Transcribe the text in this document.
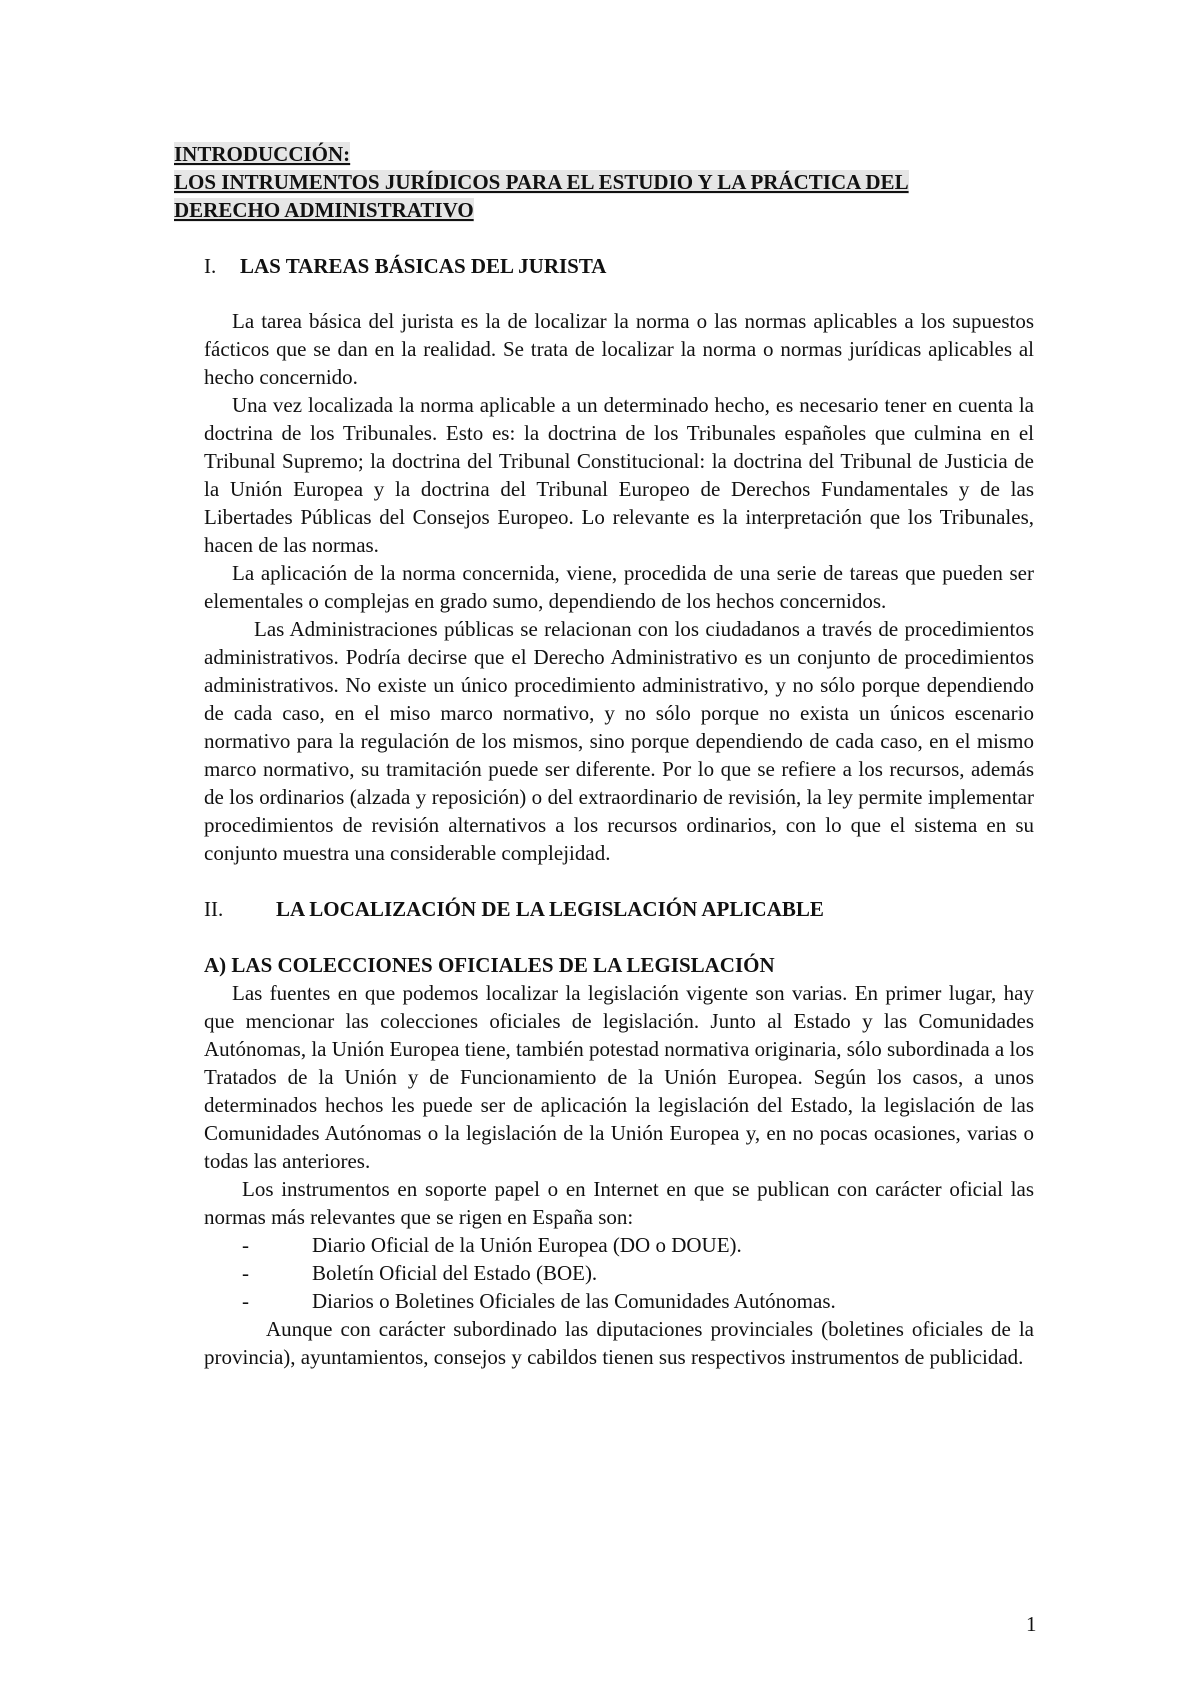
INTRODUCCIÓN:
LOS INTRUMENTOS JURÍDICOS PARA EL ESTUDIO Y LA PRÁCTICA DEL
DERECHO ADMINISTRATIVO
I. LAS TAREAS BÁSICAS DEL JURISTA

La tarea básica del jurista es la de localizar la norma o las normas aplicables a los supuestos fácticos que se dan en la realidad. Se trata de localizar la norma o normas jurídicas aplicables al hecho concernido.

Una vez localizada la norma aplicable a un determinado hecho, es necesario tener en cuenta la doctrina de los Tribunales. Esto es: la doctrina de los Tribunales españoles que culmina en el Tribunal Supremo; la doctrina del Tribunal Constitucional: la doctrina del Tribunal de Justicia de la Unión Europea y la doctrina del Tribunal Europeo de Derechos Fundamentales y de las Libertades Públicas del Consejos Europeo. Lo relevante es la interpretación que los Tribunales, hacen de las normas.

La aplicación de la norma concernida, viene, procedida de una serie de tareas que pueden ser elementales o complejas en grado sumo, dependiendo de los hechos concernidos.

Las Administraciones públicas se relacionan con los ciudadanos a través de procedimientos administrativos. Podría decirse que el Derecho Administrativo es un conjunto de procedimientos administrativos. No existe un único procedimiento administrativo, y no sólo porque dependiendo de cada caso, en el miso marco normativo, y no sólo porque no exista un únicos escenario normativo para la regulación de los mismos, sino porque dependiendo de cada caso, en el mismo marco normativo, su tramitación puede ser diferente. Por lo que se refiere a los recursos, además de los ordinarios (alzada y reposición) o del extraordinario de revisión, la ley permite implementar procedimientos de revisión alternativos a los recursos ordinarios, con lo que el sistema en su conjunto muestra una considerable complejidad.

II.	LA LOCALIZACIÓN DE LA LEGISLACIÓN APLICABLE
A) LAS COLECCIONES OFICIALES DE LA LEGISLACIÓN

Las fuentes en que podemos localizar la legislación vigente son varias. En primer lugar, hay que mencionar las colecciones oficiales de legislación. Junto al Estado y las Comunidades Autónomas, la Unión Europea tiene, también potestad normativa originaria, sólo subordinada a los Tratados de la Unión y de Funcionamiento de la Unión Europea. Según los casos, a unos determinados hechos les puede ser de aplicación la legislación del Estado, la legislación de las Comunidades Autónomas o la legislación de la Unión Europea y, en no pocas ocasiones, varias o todas las anteriores.

Los instrumentos en soporte papel o en Internet en que se publican con carácter oficial las normas más relevantes que se rigen en España son:

-	Diario Oficial de la Unión Europea (DO o DOUE).
-	Boletín Oficial del Estado (BOE).
-	Diarios o Boletines Oficiales de las Comunidades Autónomas.

Aunque con carácter subordinado las diputaciones provinciales (boletines oficiales de la provincia), ayuntamientos, consejos y cabildos tienen sus respectivos instrumentos de publicidad.

1
